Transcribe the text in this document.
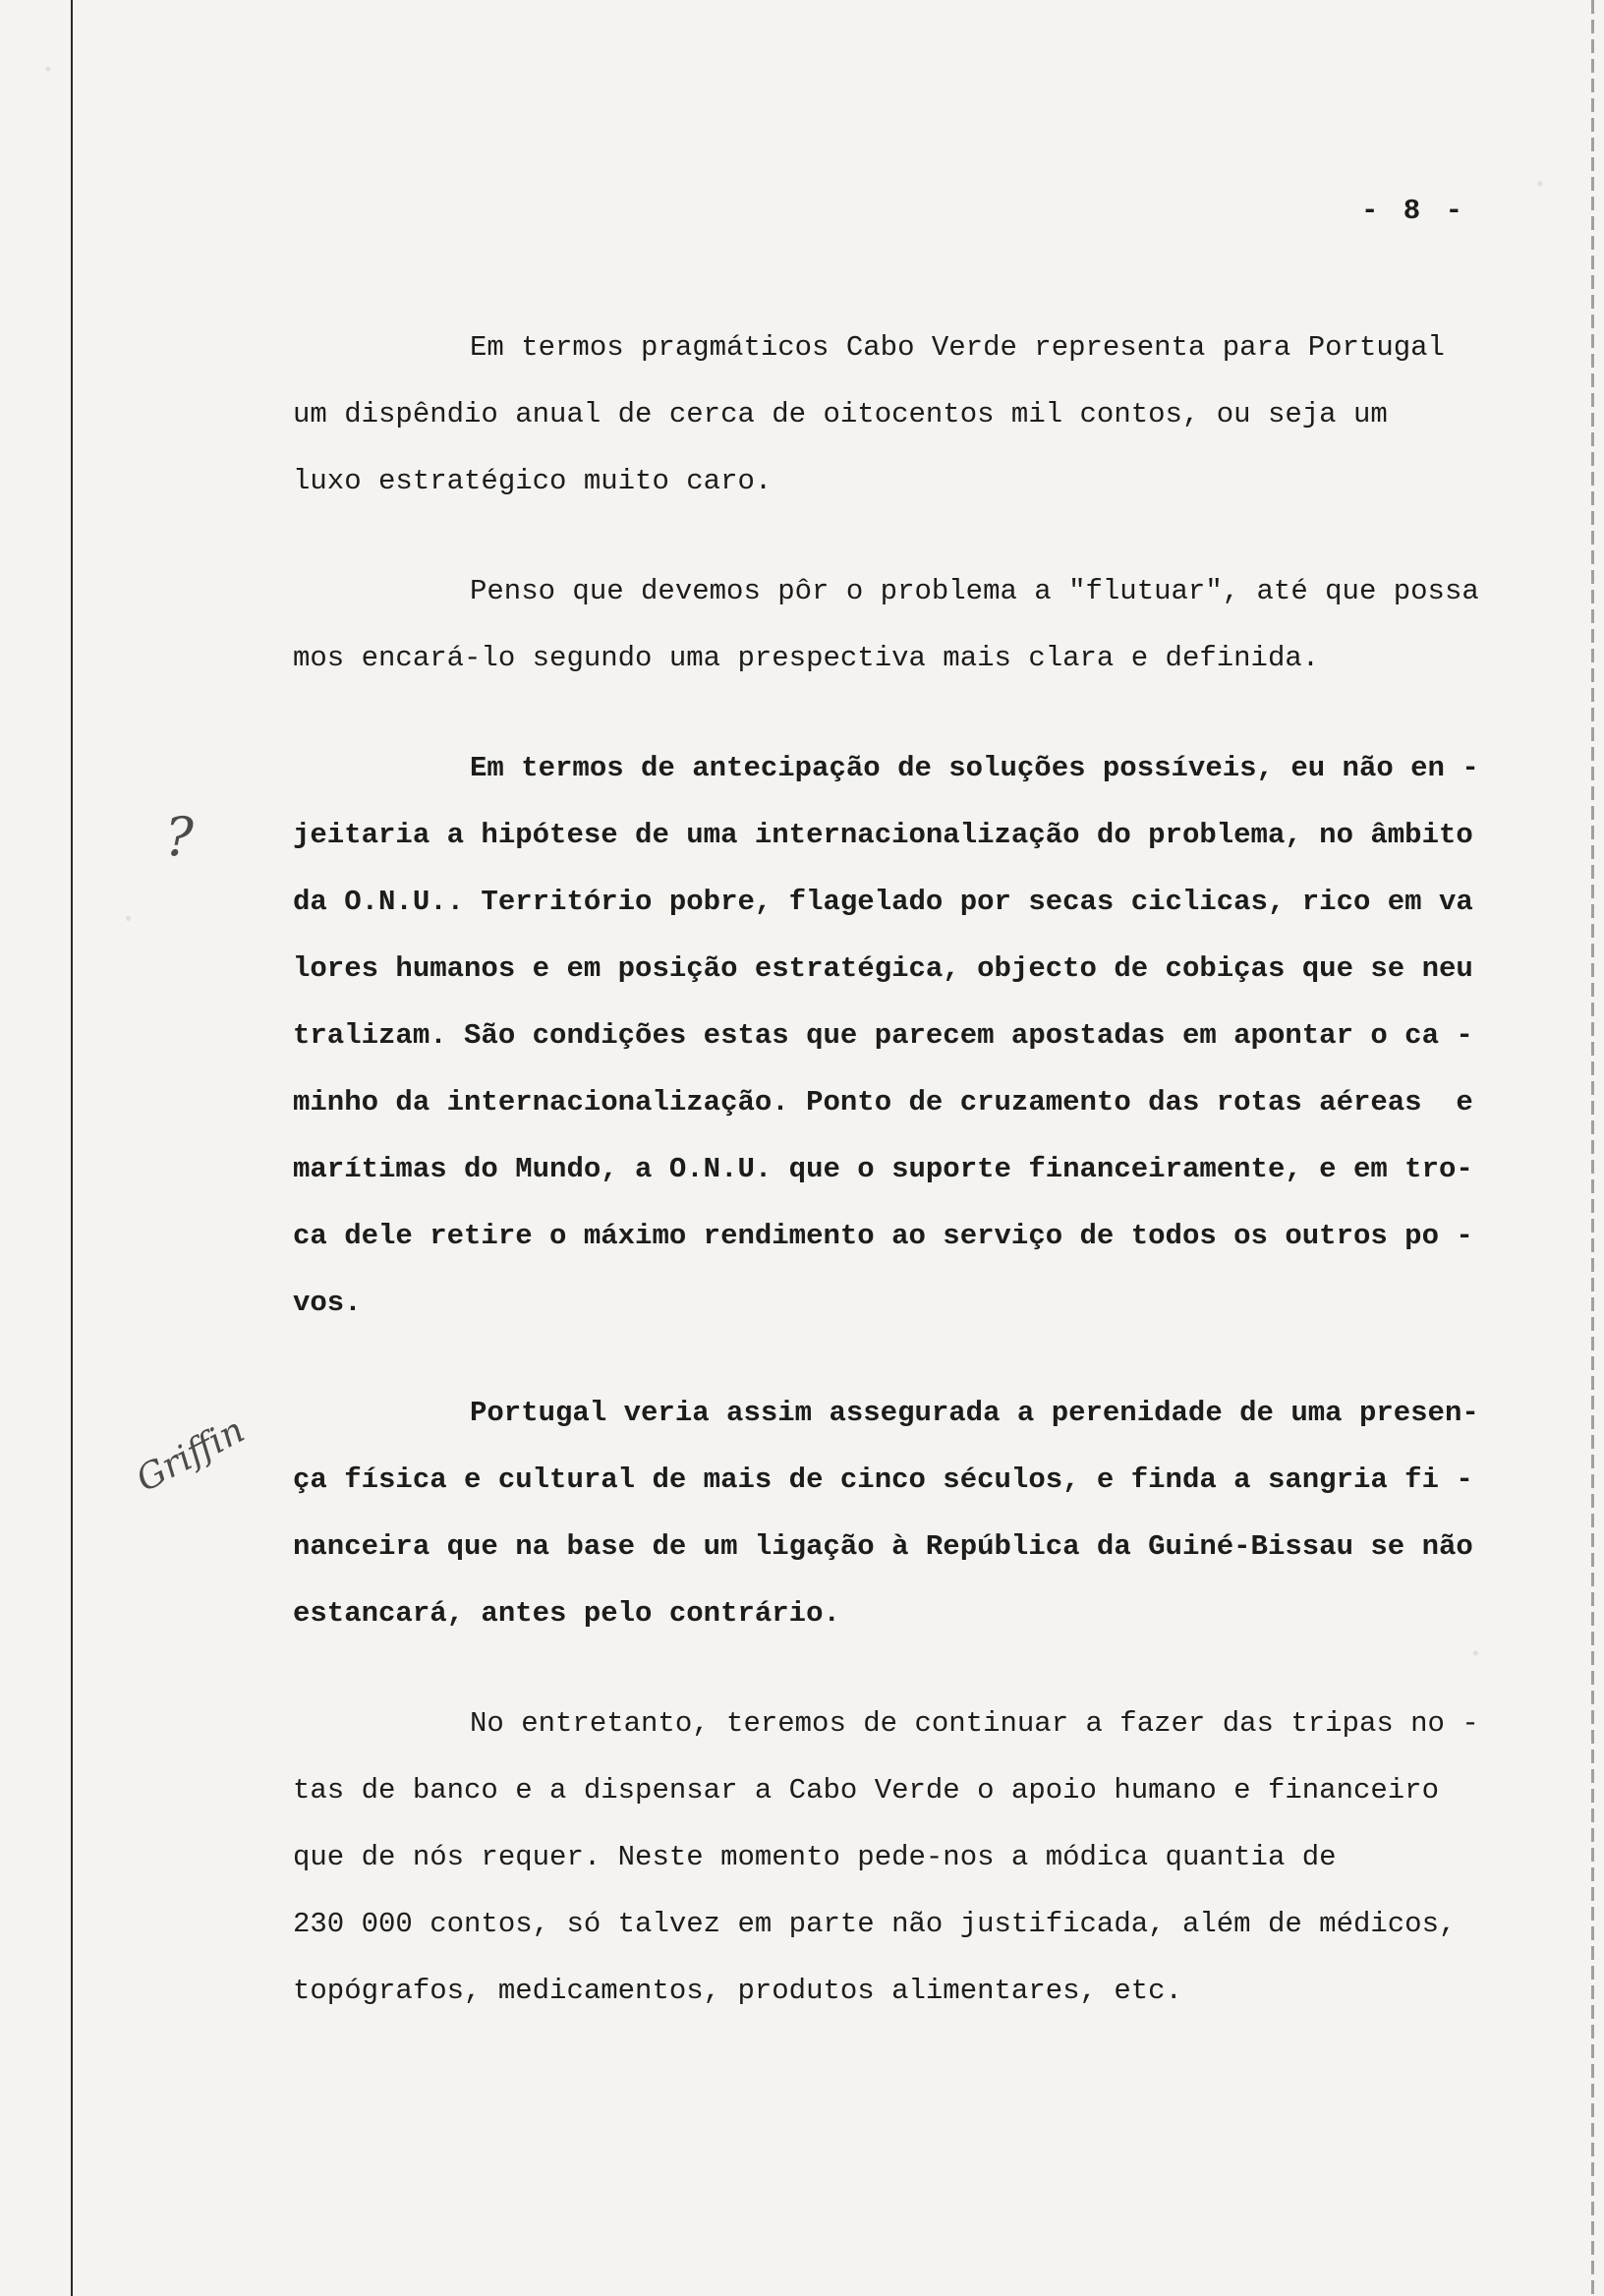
- 8 -
?
Griffin
Em termos pragmáticos Cabo Verde representa para Portugal
um dispêndio anual de cerca de oitocentos mil contos, ou seja um
luxo estratégico muito caro.
Penso que devemos pôr o problema a "flutuar", até que possa
mos encará-lo segundo uma prespectiva mais clara e definida.
Em termos de antecipação de soluções possíveis, eu não en -
jeitaria a hipótese de uma internacionalização do problema, no âmbito
da O.N.U.. Território pobre, flagelado por secas ciclicas, rico em va
lores humanos e em posição estratégica, objecto de cobiças que se neu
tralizam. São condições estas que parecem apostadas em apontar o ca -
minho da internacionalização. Ponto de cruzamento das rotas aéreas  e
marítimas do Mundo, a O.N.U. que o suporte financeiramente, e em tro-
ca dele retire o máximo rendimento ao serviço de todos os outros po -
vos.
Portugal veria assim assegurada a perenidade de uma presen-
ça física e cultural de mais de cinco séculos, e finda a sangria fi -
nanceira que na base de um ligação à República da Guiné-Bissau se não
estancará, antes pelo contrário.
No entretanto, teremos de continuar a fazer das tripas no -
tas de banco e a dispensar a Cabo Verde o apoio humano e financeiro
que de nós requer. Neste momento pede-nos a módica quantia de
230 000 contos, só talvez em parte não justificada, além de médicos,
topógrafos, medicamentos, produtos alimentares, etc.
